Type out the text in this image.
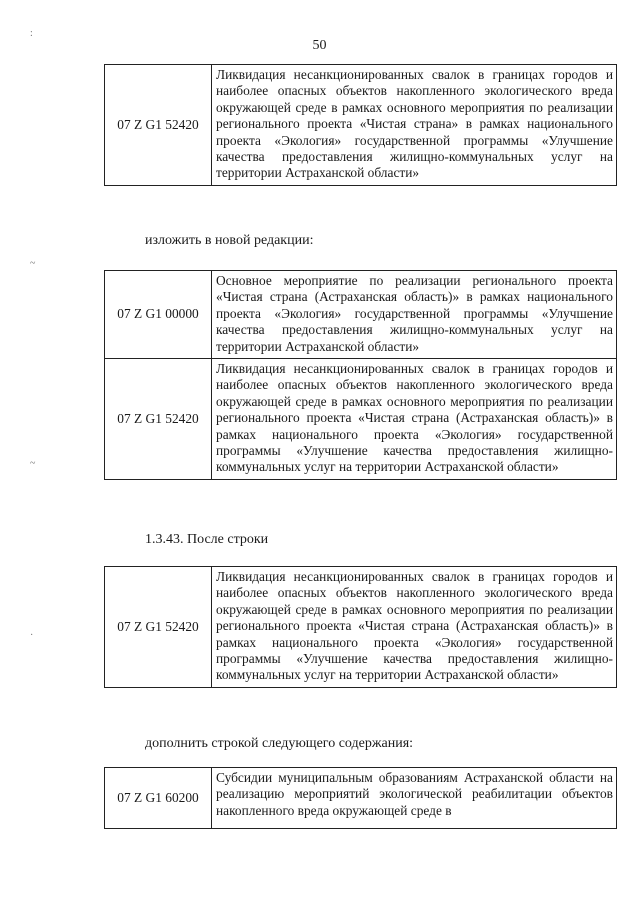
50
:
~
~
·
07 Z G1 52420	Ликвидация несанкционированных свалок в границах городов и наиболее опасных объектов накопленного экологического вреда окружающей среде в рамках основного мероприятия по реализации регионального проекта «Чистая страна» в рамках национального проекта «Экология» государственной программы «Улучшение качества предоставления жилищно-коммунальных услуг на территории Астраханской области»
изложить в новой редакции:
07 Z G1 00000	Основное мероприятие по реализации регионального проекта «Чистая страна (Астраханская область)» в рамках национального проекта «Экология» государственной программы «Улучшение качества предоставления жилищно-коммунальных услуг на территории Астраханской области»
07 Z G1 52420	Ликвидация несанкционированных свалок в границах городов и наиболее опасных объектов накопленного экологического вреда окружающей среде в рамках основного мероприятия по реализации регионального проекта «Чистая страна (Астраханская область)» в рамках национального проекта «Экология» государственной программы «Улучшение качества предоставления жилищно-коммунальных услуг на территории Астраханской области»
1.3.43. После строки
07 Z G1 52420	Ликвидация несанкционированных свалок в границах городов и наиболее опасных объектов накопленного экологического вреда окружающей среде в рамках основного мероприятия по реализации регионального проекта «Чистая страна (Астраханская область)» в рамках национального проекта «Экология» государственной программы «Улучшение качества предоставления жилищно-коммунальных услуг на территории Астраханской области»
дополнить строкой следующего содержания:
07 Z G1 60200	Субсидии муниципальным образованиям Астраханской области на реализацию мероприятий экологической реабилитации объектов накопленного вреда окружающей среде в
